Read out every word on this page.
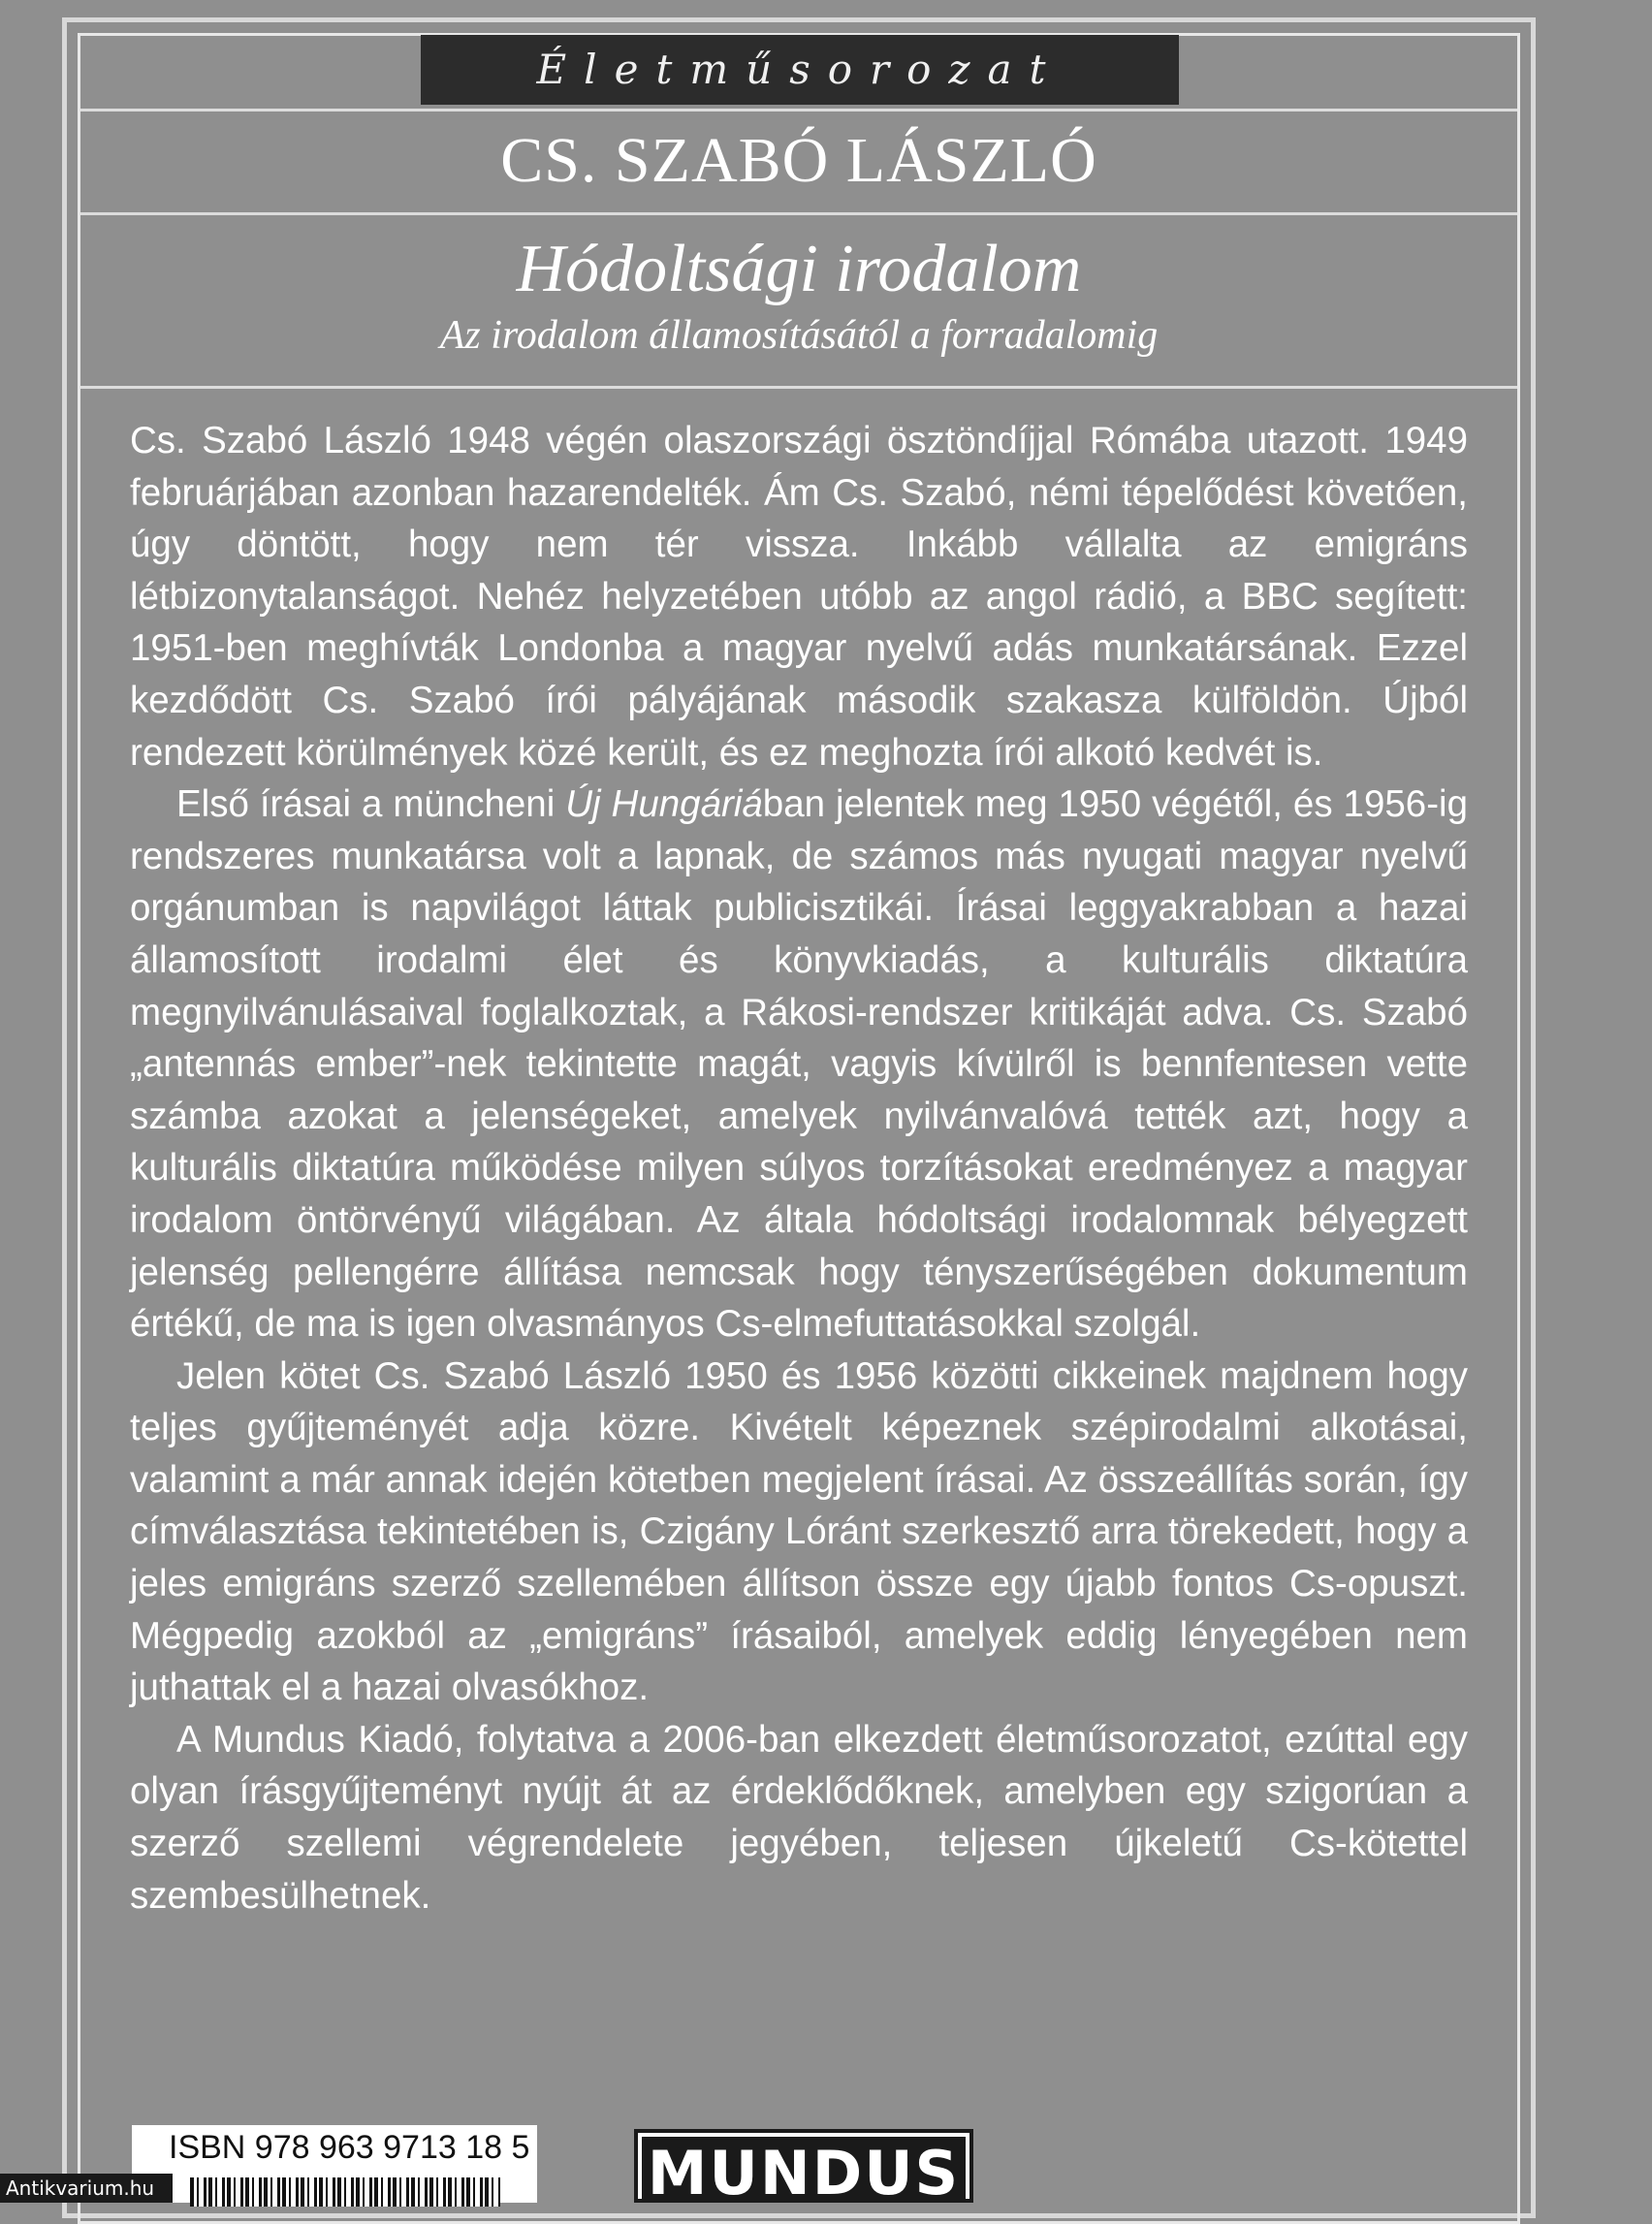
Életműsorozat
CS. SZABÓ LÁSZLÓ
Hódoltsági irodalom
Az irodalom államosításától a forradalomig

Cs. Szabó László 1948 végén olaszországi ösztöndíjjal Rómába utazott. 1949 februárjában azonban hazarendelték. Ám Cs. Szabó, némi tépelődést követően, úgy döntött, hogy nem tér vissza. Inkább vállalta az emigráns létbizonytalanságot. Nehéz helyzetében utóbb az angol rádió, a BBC segített: 1951-ben meghívták Londonba a magyar nyelvű adás munkatársának. Ezzel kezdődött Cs. Szabó írói pályájának második szakasza külföldön. Újból rendezett körülmények közé került, és ez meghozta írói alkotó kedvét is.

Első írásai a müncheni Új Hungáriában jelentek meg 1950 végétől, és 1956-ig rendszeres munkatársa volt a lapnak, de számos más nyugati magyar nyelvű orgánumban is napvilágot láttak publicisztikái. Írásai leggyakrabban a hazai államosított irodalmi élet és könyvkiadás, a kulturális diktatúra megnyilvánulásaival foglalkoztak, a Rákosi-rendszer kritikáját adva. Cs. Szabó „antennás ember”-nek tekintette magát, vagyis kívülről is bennfentesen vette számba azokat a jelenségeket, amelyek nyilvánvalóvá tették azt, hogy a kulturális diktatúra működése milyen súlyos torzításokat eredményez a magyar irodalom öntörvényű világában. Az általa hódoltsági irodalomnak bélyegzett jelenség pellengérre állítása nemcsak hogy tényszerűségében dokumentum értékű, de ma is igen olvasmányos Cs-elmefuttatásokkal szolgál.

Jelen kötet Cs. Szabó László 1950 és 1956 közötti cikkeinek majdnem hogy teljes gyűjteményét adja közre. Kivételt képeznek szépirodalmi alkotásai, valamint a már annak idején kötetben megjelent írásai. Az összeállítás során, így címválasztása tekintetében is, Czigány Lóránt szerkesztő arra törekedett, hogy a jeles emigráns szerző szellemében állítson össze egy újabb fontos Cs-opuszt. Mégpedig azokból az „emigráns” írásaiból, amelyek eddig lényegében nem juthattak el a hazai olvasókhoz.

A Mundus Kiadó, folytatva a 2006-ban elkezdett életműsorozatot, ezúttal egy olyan írásgyűjteményt nyújt át az érdeklődőknek, amelyben egy szigorúan a szerző szellemi végrendelete jegyében, teljesen újkeletű Cs-kötettel szembesülhetnek.

ISBN 978 963 9713 18 5 MUNDUS
Antikvarium.hu
